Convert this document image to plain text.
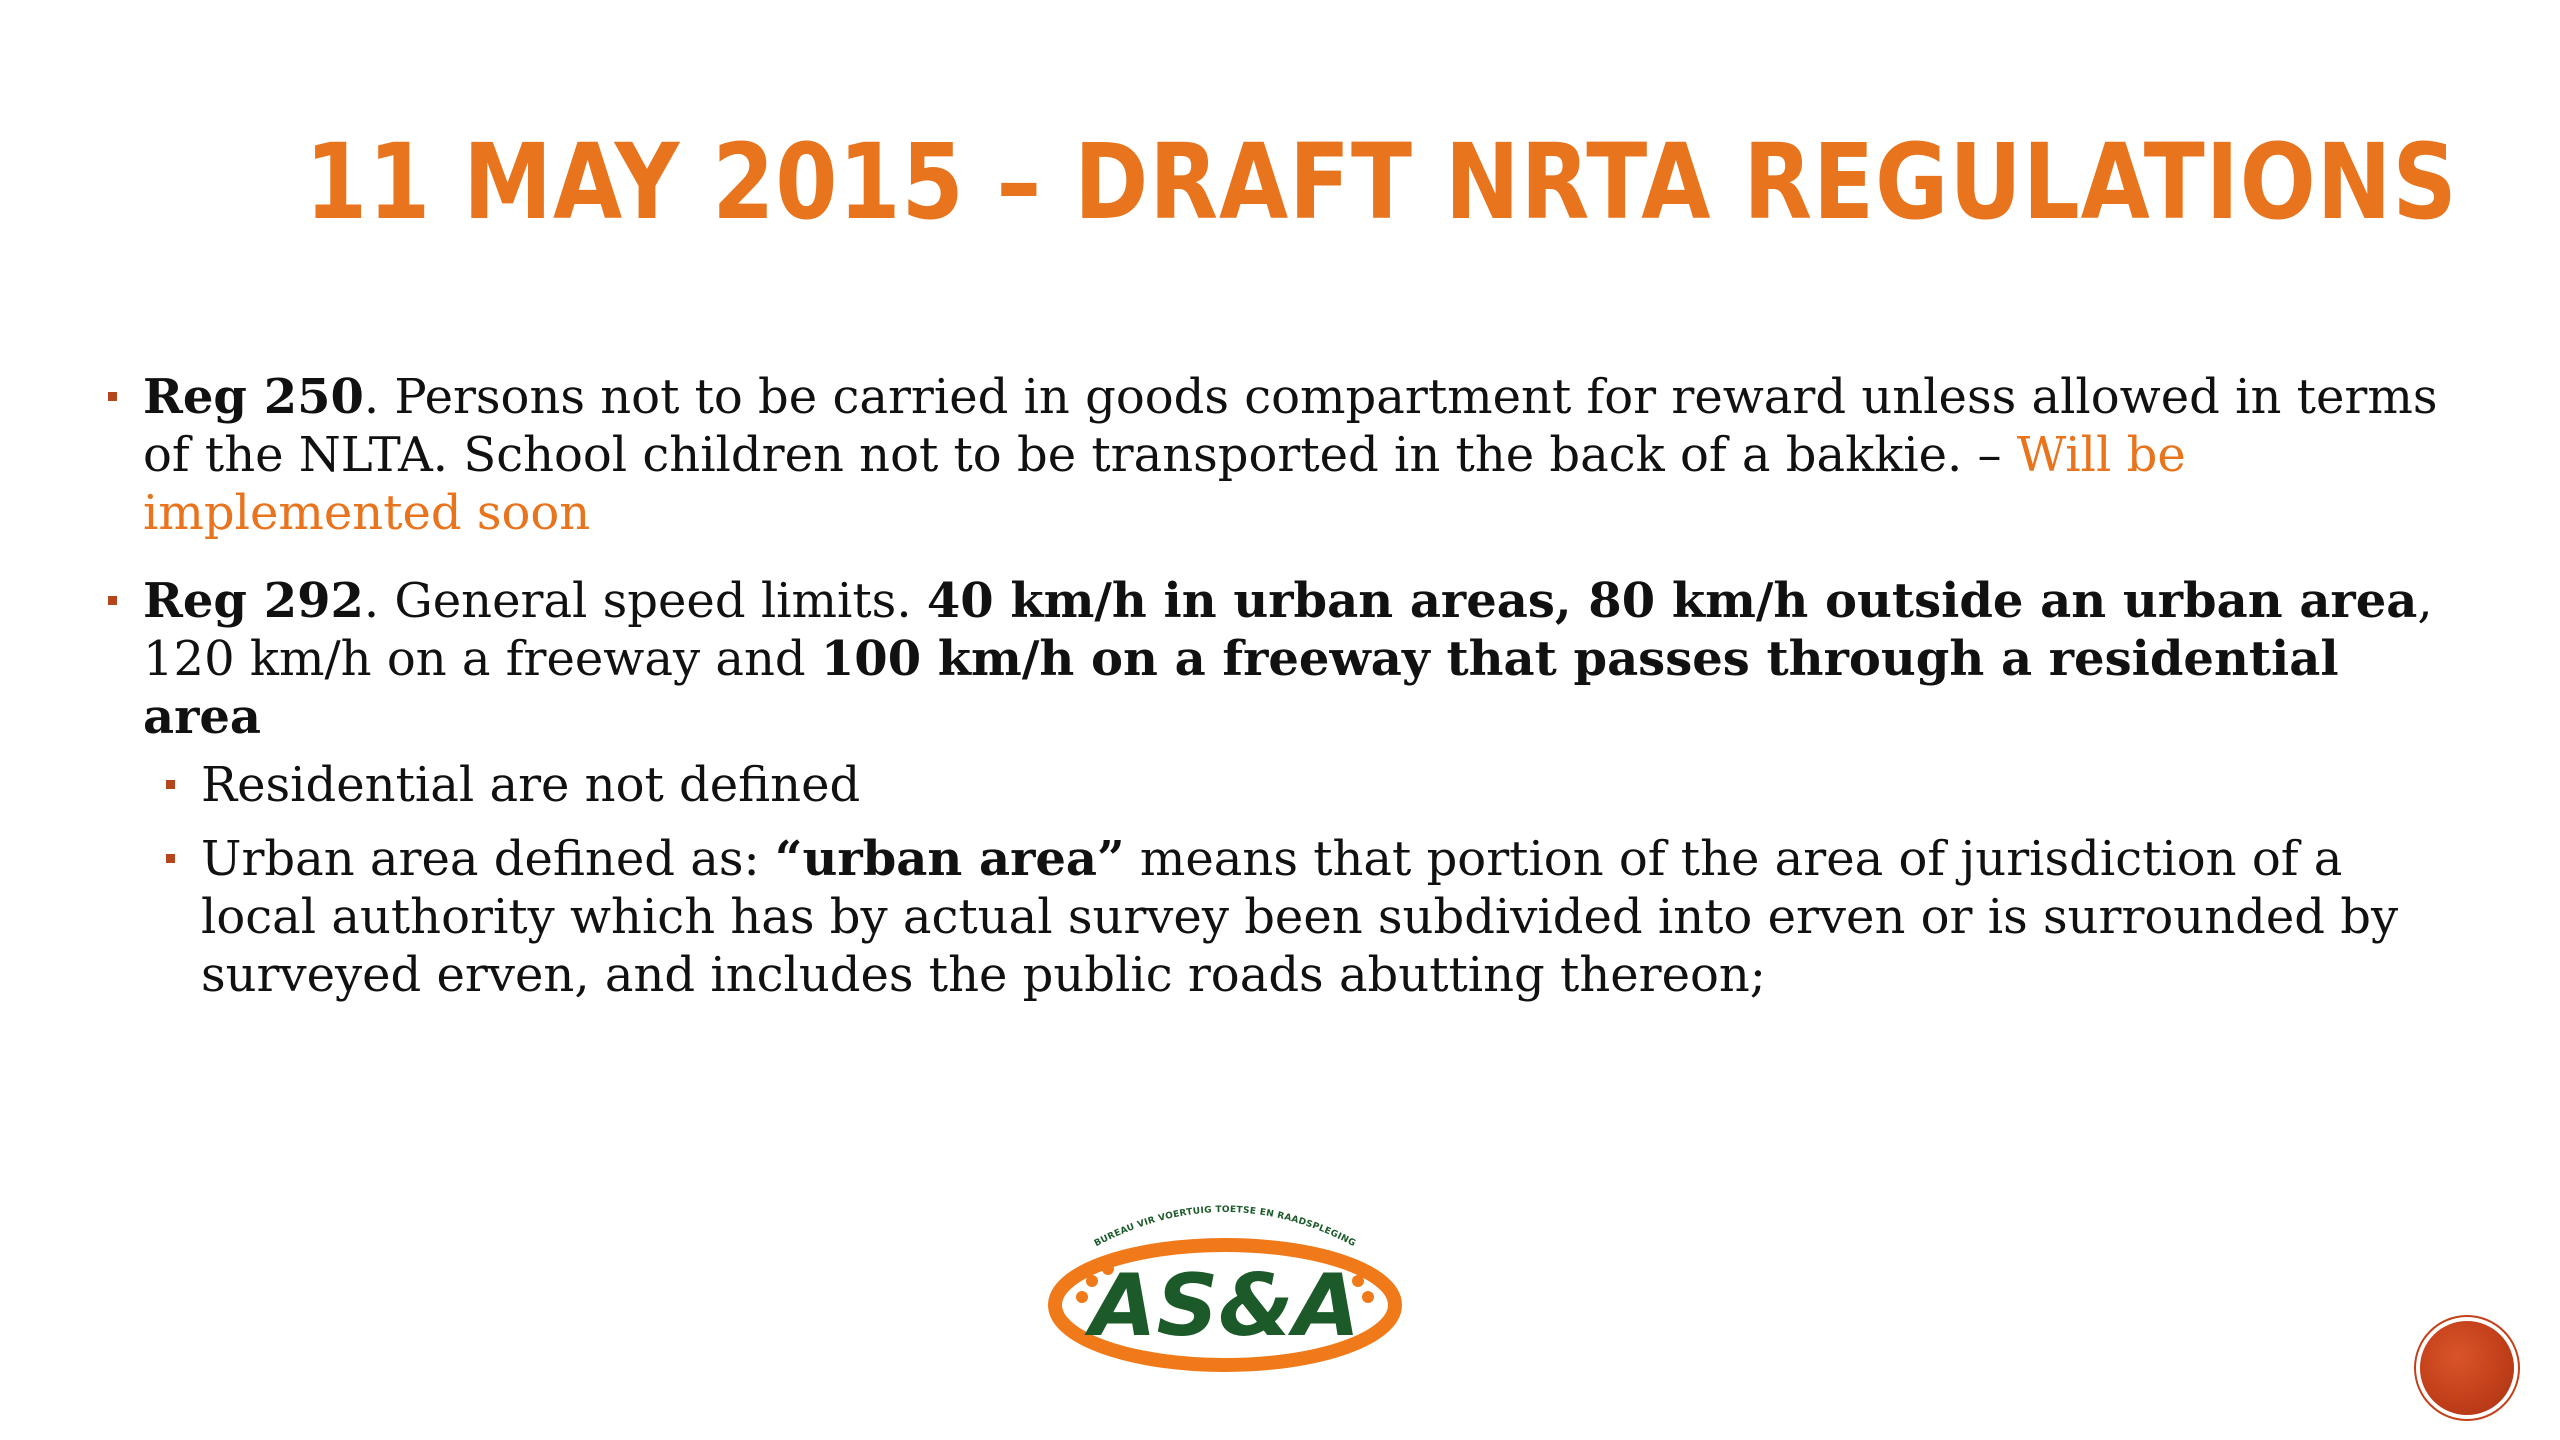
11 MAY 2015 – DRAFT NRTA REGULATIONS
Reg 250. Persons not to be carried in goods compartment for reward unless allowed in terms of the NLTA. School children not to be transported in the back of a bakkie. – Will be implemented soon
Reg 292. General speed limits. 40 km/h in urban areas, 80 km/h outside an urban area, 120 km/h on a freeway and 100 km/h on a freeway that passes through a residential area
Residential are not defined
Urban area defined as: “urban area” means that portion of the area of jurisdiction of a local authority which has by actual survey been subdivided into erven or is surrounded by surveyed erven, and includes the public roads abutting thereon;
BUREAU VIR VOERTUIG TOETSE EN RAADSPLEGING
AS&A
